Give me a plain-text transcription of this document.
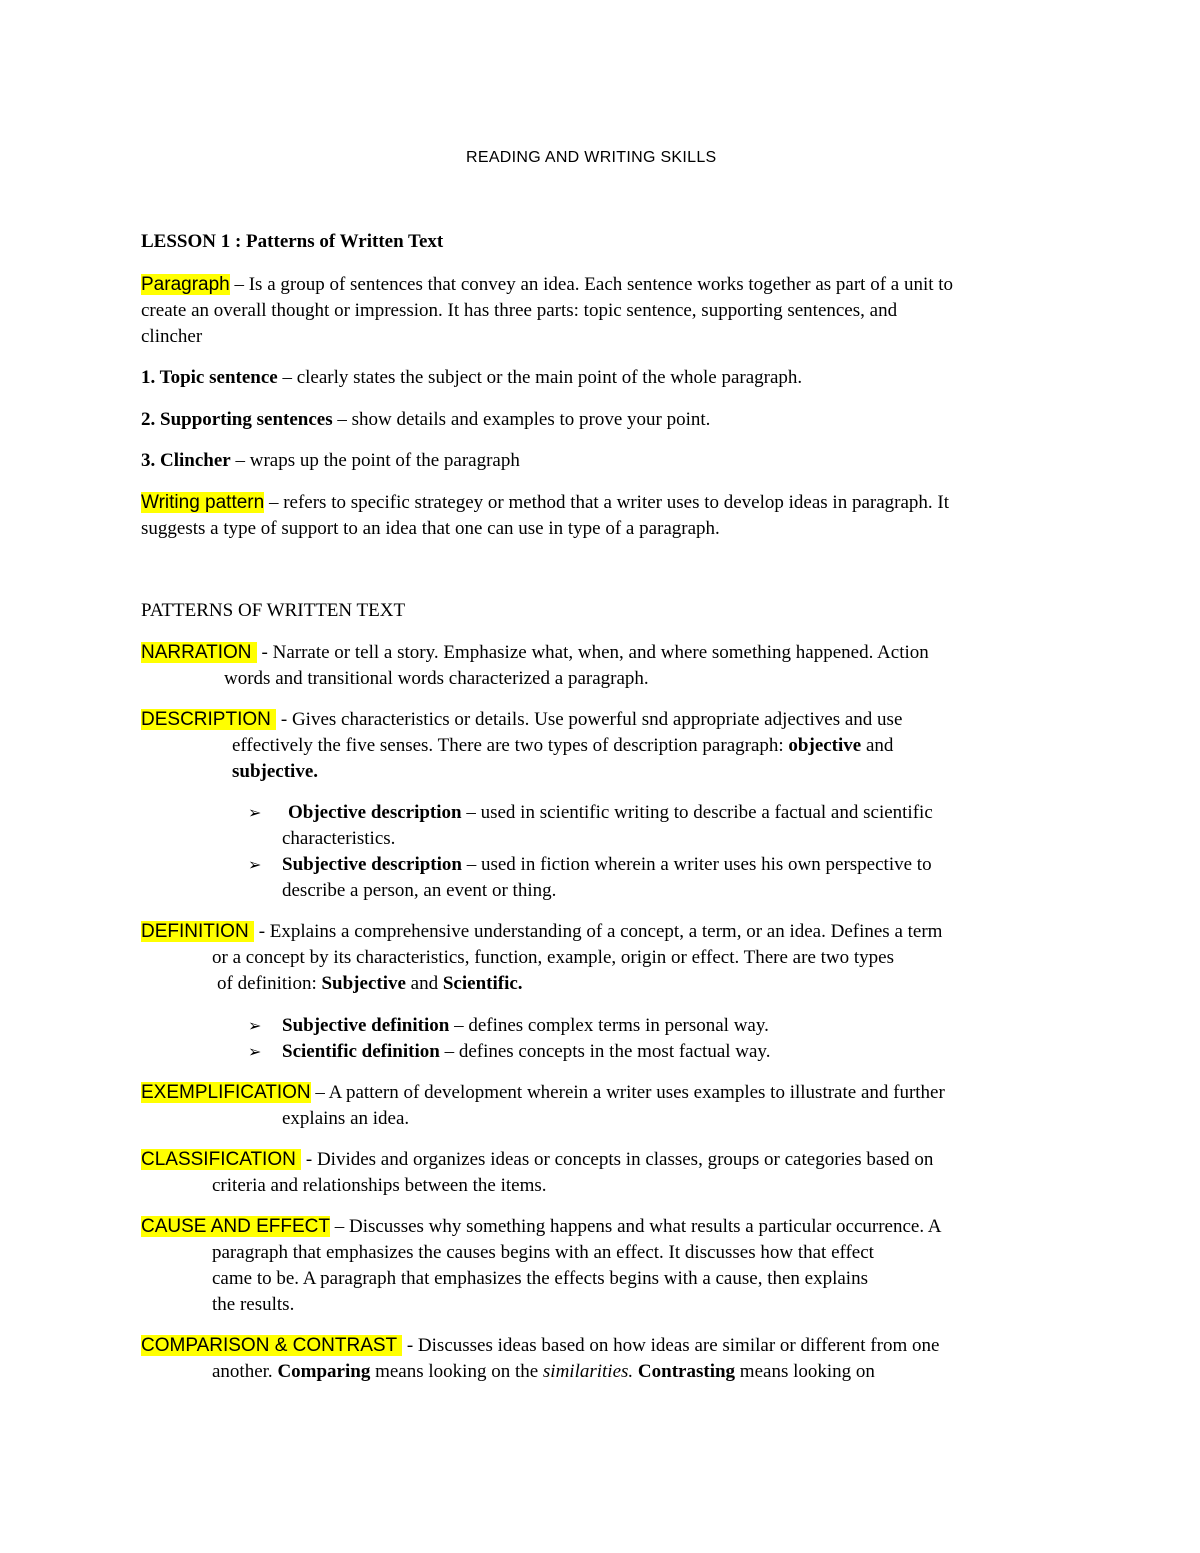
READING AND WRITING SKILLS
LESSON 1 : Patterns of Written Text
Paragraph – Is a group of sentences that convey an idea. Each sentence works together as part of a unit to
create an overall thought or impression. It has three parts: topic sentence, supporting sentences, and
clincher
1. Topic sentence – clearly states the subject or the main point of the whole paragraph.
2. Supporting sentences – show details and examples to prove your point.
3. Clincher – wraps up the point of the paragraph
Writing pattern – refers to specific strategey or method that a writer uses to develop ideas in paragraph. It
suggests a type of support to an idea that one can use in type of a paragraph.
PATTERNS OF WRITTEN TEXT
NARRATION  - Narrate or tell a story. Emphasize what, when, and where something happened. Action
words and transitional words characterized a paragraph.
DESCRIPTION  - Gives characteristics or details. Use powerful snd appropriate adjectives and use
effectively the five senses. There are two types of description paragraph: objective and
subjective.
➢ Objective description – used in scientific writing to describe a factual and scientific
characteristics.
➢ Subjective description – used in fiction wherein a writer uses his own perspective to
describe a person, an event or thing.
DEFINITION  - Explains a comprehensive understanding of a concept, a term, or an idea. Defines a term
or a concept by its characteristics, function, example, origin or effect. There are two types
of definition: Subjective and Scientific.
➢ Subjective definition – defines complex terms in personal way.
➢ Scientific definition – defines concepts in the most factual way.
EXEMPLIFICATION – A pattern of development wherein a writer uses examples to illustrate and further
explains an idea.
CLASSIFICATION  - Divides and organizes ideas or concepts in classes, groups or categories based on
criteria and relationships between the items.
CAUSE AND EFFECT – Discusses why something happens and what results a particular occurrence. A
paragraph that emphasizes the causes begins with an effect. It discusses how that effect
came to be. A paragraph that emphasizes the effects begins with a cause, then explains
the results.
COMPARISON & CONTRAST  - Discusses ideas based on how ideas are similar or different from one
another. Comparing means looking on the similarities. Contrasting means looking on
